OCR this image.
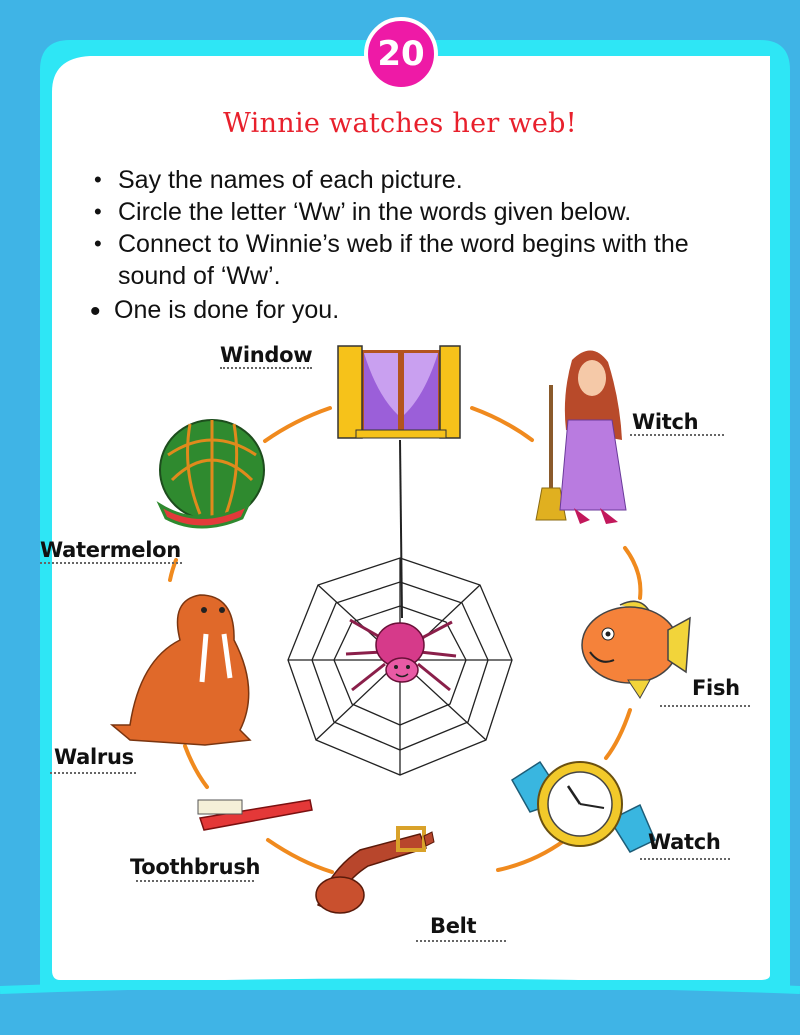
20
Winnie watches her web!
• Say the names of each picture.
• Circle the letter ‘Ww’ in the words given below.
• Connect to Winnie’s web if the word begins with the sound of ‘Ww’.
• One is done for you.
Window
Witch
Watermelon
Fish
Walrus
Watch
Toothbrush
Belt
